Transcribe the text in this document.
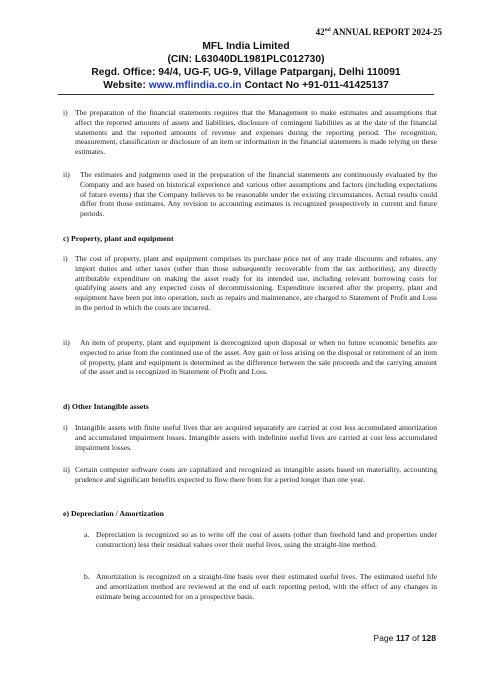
42nd ANNUAL REPORT 2024-25
MFL India Limited
(CIN: L63040DL1981PLC012730)
Regd. Office: 94/4, UG-F, UG-9, Village Patparganj, Delhi 110091
Website: www.mflindia.co.in Contact No +91-011-41425137
i) The preparation of the financial statements requires that the Management to make estimates and assumptions that affect the reported amounts of assets and liabilities, disclosure of contingent liabilities as at the date of the financial statements and the reported amounts of revenue and expenses during the reporting period. The recognition, measurement, classification or disclosure of an item or information in the financial statements is made relying on these estimates.
ii) The estimates and judgments used in the preparation of the financial statements are continuously evaluated by the Company and are based on historical experience and various other assumptions and factors (including expectations of future events) that the Company believes to be reasonable under the existing circumstances. Actual results could differ from those estimates. Any revision to accounting estimates is recognized prospectively in current and future periods.
c) Property, plant and equipment
i) The cost of property, plant and equipment comprises its purchase price net of any trade discounts and rebates, any import duties and other taxes (other than those subsequently recoverable from the tax authorities), any directly attributable expenditure on making the asset ready for its intended use, including relevant borrowing costs for qualifying assets and any expected costs of decommissioning. Expenditure incurred after the property, plant and equipment have been put into operation, such as repairs and maintenance, are charged to Statement of Profit and Loss in the period in which the costs are incurred.
ii) An item of property, plant and equipment is derecognized upon disposal or when no future economic benefits are expected to arise from the continued use of the asset. Any gain or loss arising on the disposal or retirement of an item of property, plant and equipment is determined as the difference between the sale proceeds and the carrying amount of the asset and is recognized in Statement of Profit and Loss.
d) Other Intangible assets
i) Intangible assets with finite useful lives that are acquired separately are carried at cost less accumulated amortization and accumulated impairment losses. Intangible assets with indefinite useful lives are carried at cost less accumulated impairment losses.
ii) Certain computer software costs are capitalized and recognized as intangible assets based on materiality, accounting prudence and significant benefits expected to flow there from for a period longer than one year.
e) Depreciation / Amortization
a. Depreciation is recognized so as to write off the cost of assets (other than freehold land and properties under construction) less their residual values over their useful lives, using the straight-line method.
b. Amortization is recognized on a straight-line basis over their estimated useful lives. The estimated useful life and amortization method are reviewed at the end of each reporting period, with the effect of any changes in estimate being accounted for on a prospective basis.
Page 117 of 128
